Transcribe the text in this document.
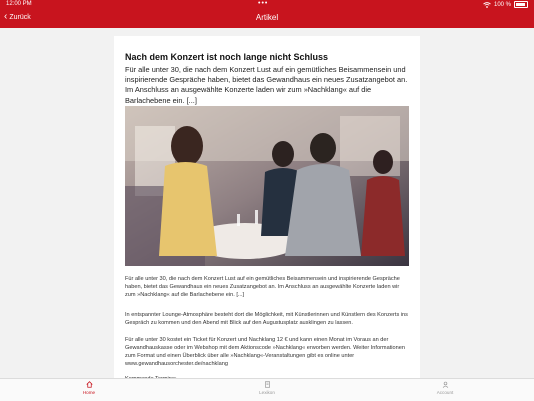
12:00 PM	•••	100 %
‹ Zurück	Artikel
Nach dem Konzert ist noch lange nicht Schluss

Für alle unter 30, die nach dem Konzert Lust auf ein gemütliches Beisammensein und inspirierende Gespräche haben, bietet das Gewandhaus ein neues Zusatzangebot an. Im Anschluss an ausgewählte Konzerte laden wir zum »Nachklang« auf die Barlachebene ein. [...]

Für alle unter 30, die nach dem Konzert Lust auf ein gemütliches Beisammensein und inspirierende Gespräche haben, bietet das Gewandhaus ein neues Zusatzangebot an. Im Anschluss an ausgewählte Konzerte laden wir zum »Nachklang« auf die Barlachebene ein. [...]

In entspannter Lounge-Atmosphäre besteht dort die Möglichkeit, mit Künstlerinnen und Künstlern des Konzerts ins Gespräch zu kommen und den Abend mit Blick auf den Augustusplatz ausklingen zu lassen.

Für alle unter 30 kostet ein Ticket für Konzert und Nachklang 12 € und kann einen Monat im Voraus an der Gewandhauskasse oder im Webshop mit dem Aktionscode »Nachklang« erworben werden. Weiter Informationen zum Format und einen Überblick über alle »Nachklang«-Veranstaltungen gibt es online unter www.gewandhausorchester.de/nachklang

Home	Lexikon	Account
